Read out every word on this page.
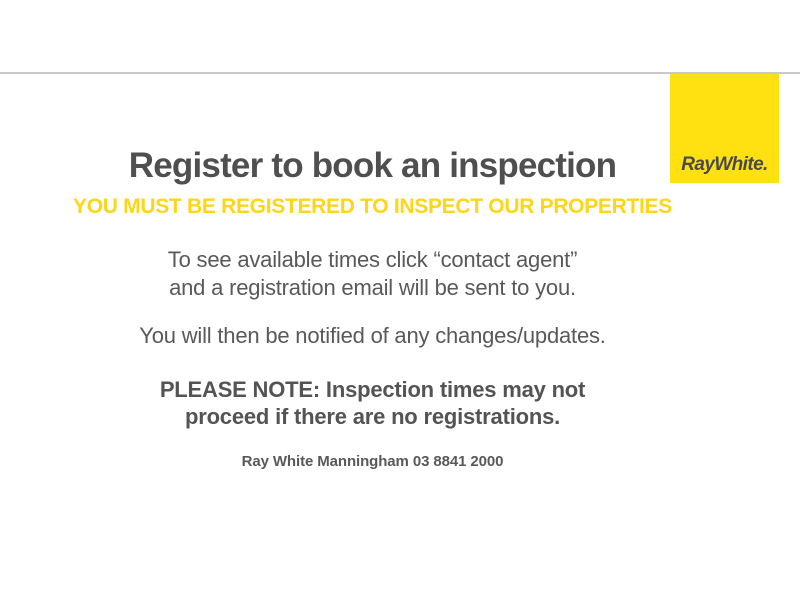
RayWhite.
Register to book an inspection
YOU MUST BE REGISTERED TO INSPECT OUR PROPERTIES

To see available times click “contact agent”
and a registration email will be sent to you.

You will then be notified of any changes/updates.

PLEASE NOTE: Inspection times may not
proceed if there are no registrations.

Ray White Manningham 03 8841 2000
